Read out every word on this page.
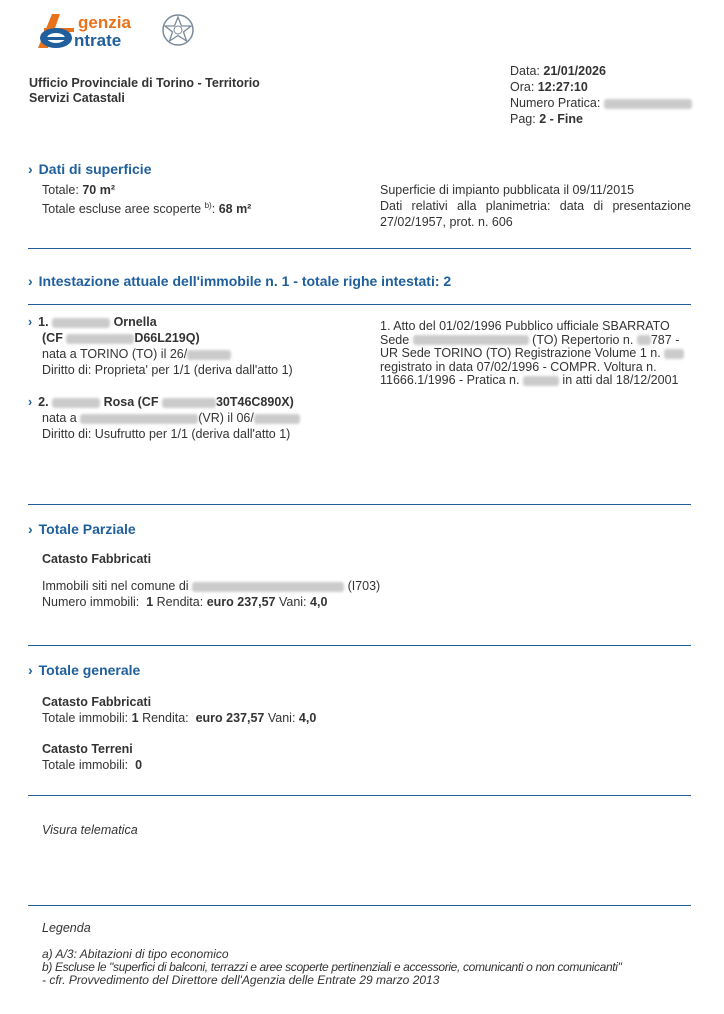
genzia
ntrate
Ufficio Provinciale di Torino - Territorio
Servizi Catastali
Data: 21/01/2026
Ora: 12:27:10
Numero Pratica:
Pag: 2 - Fine
› Dati di superficie
Totale: 70 m²
Totale escluse aree scoperte $^{b)}$: 68 m²
Superficie di impianto pubblicata il 09/11/2015
Dati relativi alla planimetria: data di presentazione 27/02/1957, prot. n. 606
› Intestazione attuale dell'immobile n. 1 - totale righe intestati: 2
› 1.	Ornella
(CF	D66L219Q)
nata a TORINO (TO) il 26/
Diritto di: Proprieta' per 1/1 (deriva dall'atto 1)
1. Atto del 01/02/1996 Pubblico ufficiale SBARRATO
Sede	(TO) Repertorio n. 787 -
UR Sede TORINO (TO) Registrazione Volume 1 n.
registrato in data 07/02/1996 - COMPR. Voltura n.
11666.1/1996 - Pratica n.	in atti dal 18/12/2001
› 2.	Rosa (CF	30T46C890X)
nata a	(VR) il 06/
Diritto di: Usufrutto per 1/1 (deriva dall'atto 1)
› Totale Parziale
Catasto Fabbricati
Immobili siti nel comune di	(I703)
Numero immobili: 1 Rendita: euro 237,57 Vani: 4,0
› Totale generale
Catasto Fabbricati
Totale immobili: 1 Rendita: euro 237,57 Vani: 4,0
Catasto Terreni
Totale immobili: 0
Visura telematica
Legenda
a) A/3: Abitazioni di tipo economico
b) Escluse le "superfici di balconi, terrazzi e aree scoperte pertinenziali e accessorie, comunicanti o non comunicanti"
- cfr. Provvedimento del Direttore dell'Agenzia delle Entrate 29 marzo 2013
